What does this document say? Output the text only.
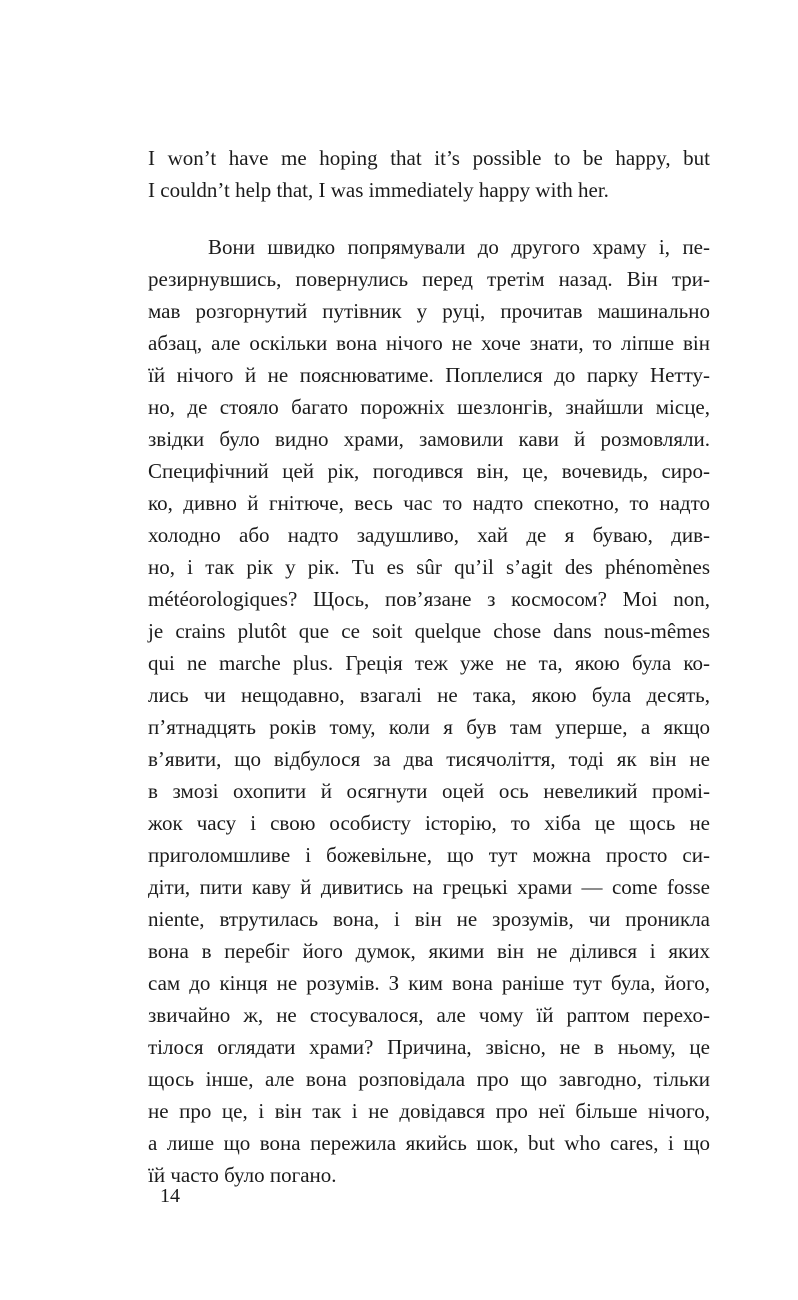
I won’t have me hoping that it’s possible to be happy, but
I couldn’t help that, I was immediately happy with her.
Вони швидко попрямували до другого храму і, пе-
резирнувшись, повернулись перед третім назад. Він три-
мав розгорнутий путівник у руці, прочитав машинально
абзац, але оскільки вона нічого не хоче знати, то ліпше він
їй нічого й не пояснюватиме. Поплелися до парку Нетту-
но, де стояло багато порожніх шезлонгів, знайшли місце,
звідки було видно храми, замовили кави й розмовляли.
Специфічний цей рік, погодився він, це, вочевидь, сиро-
ко, дивно й гнітюче, весь час то надто спекотно, то надто
холодно або надто задушливо, хай де я буваю, див-
но, і так рік у рік. Tu es sûr qu’il s’agit des phénomènes
météorologiques? Щось, пов’язане з космосом? Moi non,
je crains plutôt que ce soit quelque chose dans nous-mêmes
qui ne marche plus. Греція теж уже не та, якою була ко-
лись чи нещодавно, взагалі не така, якою була десять,
п’ятнадцять років тому, коли я був там уперше, а якщо
в’явити, що відбулося за два тисячоліття, тоді як він не
в змозі охопити й осягнути оцей ось невеликий промі-
жок часу і свою особисту історію, то хіба це щось не
приголомшливе і божевільне, що тут можна просто си-
діти, пити каву й дивитись на грецькі храми — come fosse
niente, втрутилась вона, і він не зрозумів, чи проникла
вона в перебіг його думок, якими він не ділився і яких
сам до кінця не розумів. З ким вона раніше тут була, його,
звичайно ж, не стосувалося, але чому їй раптом перехо-
тілося оглядати храми? Причина, звісно, не в ньому, це
щось інше, але вона розповідала про що завгодно, тільки
не про це, і він так і не довідався про неї більше нічого,
а лише що вона пережила якийсь шок, but who cares, і що
їй часто було погано.
14
